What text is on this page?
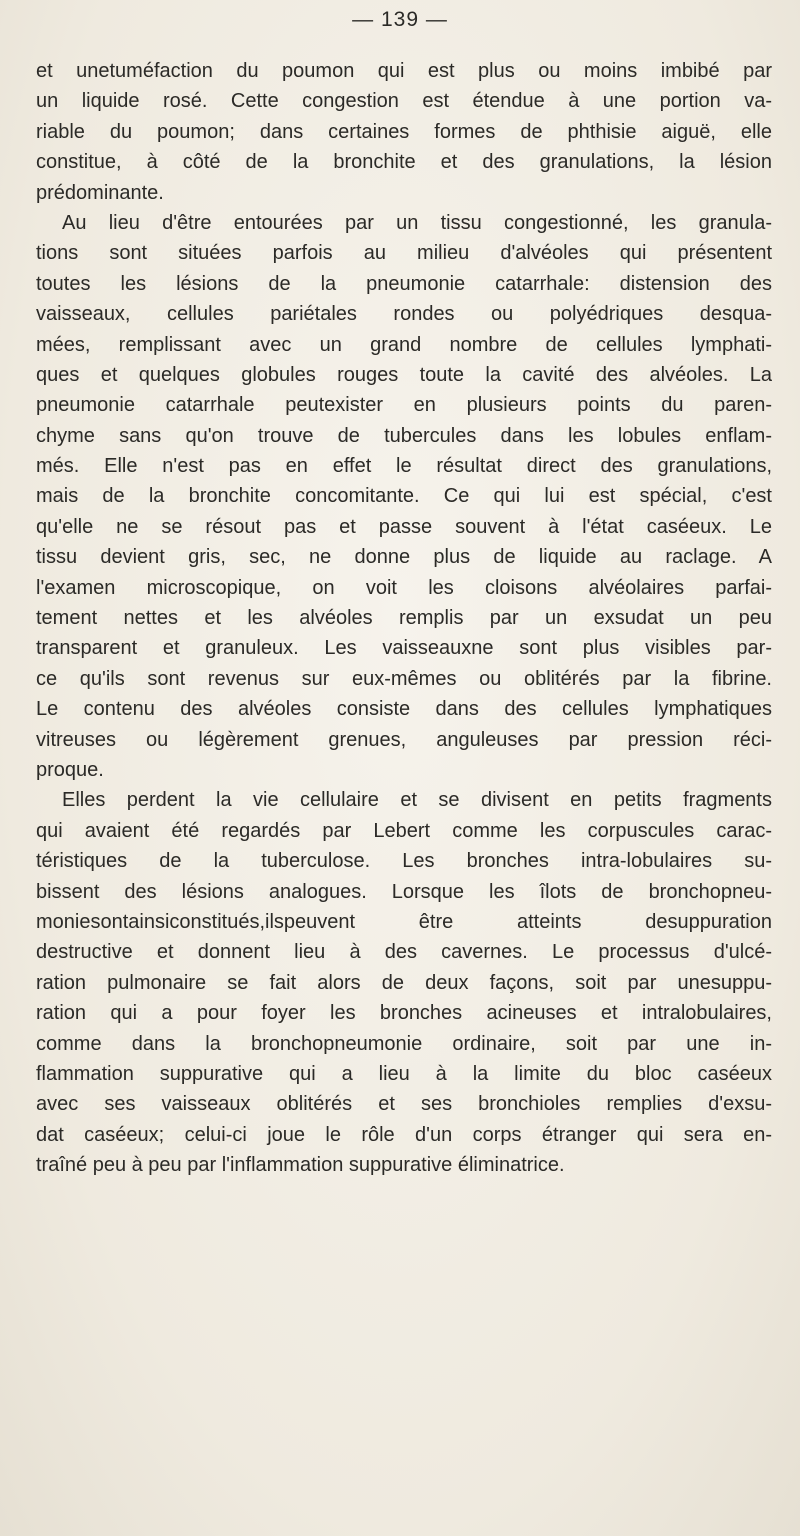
— 139 —
et unetuméfaction du poumon qui est plus ou moins imbibé par
un liquide rosé. Cette congestion est étendue à une portion va-
riable du poumon; dans certaines formes de phthisie aiguë, elle
constitue, à côté de la bronchite et des granulations, la lésion
prédominante.
Au lieu d'être entourées par un tissu congestionné, les granula-
tions sont situées parfois au milieu d'alvéoles qui présentent
toutes les lésions de la pneumonie catarrhale: distension des
vaisseaux, cellules pariétales rondes ou polyédriques desqua-
mées, remplissant avec un grand nombre de cellules lymphati-
ques et quelques globules rouges toute la cavité des alvéoles. La
pneumonie catarrhale peutexister en plusieurs points du paren-
chyme sans qu'on trouve de tubercules dans les lobules enflam-
més. Elle n'est pas en effet le résultat direct des granulations,
mais de la bronchite concomitante. Ce qui lui est spécial, c'est
qu'elle ne se résout pas et passe souvent à l'état caséeux. Le
tissu devient gris, sec, ne donne plus de liquide au raclage. A
l'examen microscopique, on voit les cloisons alvéolaires parfai-
tement nettes et les alvéoles remplis par un exsudat un peu
transparent et granuleux. Les vaisseauxne sont plus visibles par-
ce qu'ils sont revenus sur eux-mêmes ou oblitérés par la fibrine.
Le contenu des alvéoles consiste dans des cellules lymphatiques
vitreuses ou légèrement grenues, anguleuses par pression réci-
proque.
Elles perdent la vie cellulaire et se divisent en petits fragments
qui avaient été regardés par Lebert comme les corpuscules carac-
téristiques de la tuberculose. Les bronches intra-lobulaires su-
bissent des lésions analogues. Lorsque les îlots de bronchopneu-
moniesontainsiconstitués,ilspeuvent être atteints desuppuration
destructive et donnent lieu à des cavernes. Le processus d'ulcé-
ration pulmonaire se fait alors de deux façons, soit par unesuppu-
ration qui a pour foyer les bronches acineuses et intralobulaires,
comme dans la bronchopneumonie ordinaire, soit par une in-
flammation suppurative qui a lieu à la limite du bloc caséeux
avec ses vaisseaux oblitérés et ses bronchioles remplies d'exsu-
dat caséeux; celui-ci joue le rôle d'un corps étranger qui sera en-
traîné peu à peu par l'inflammation suppurative éliminatrice.
